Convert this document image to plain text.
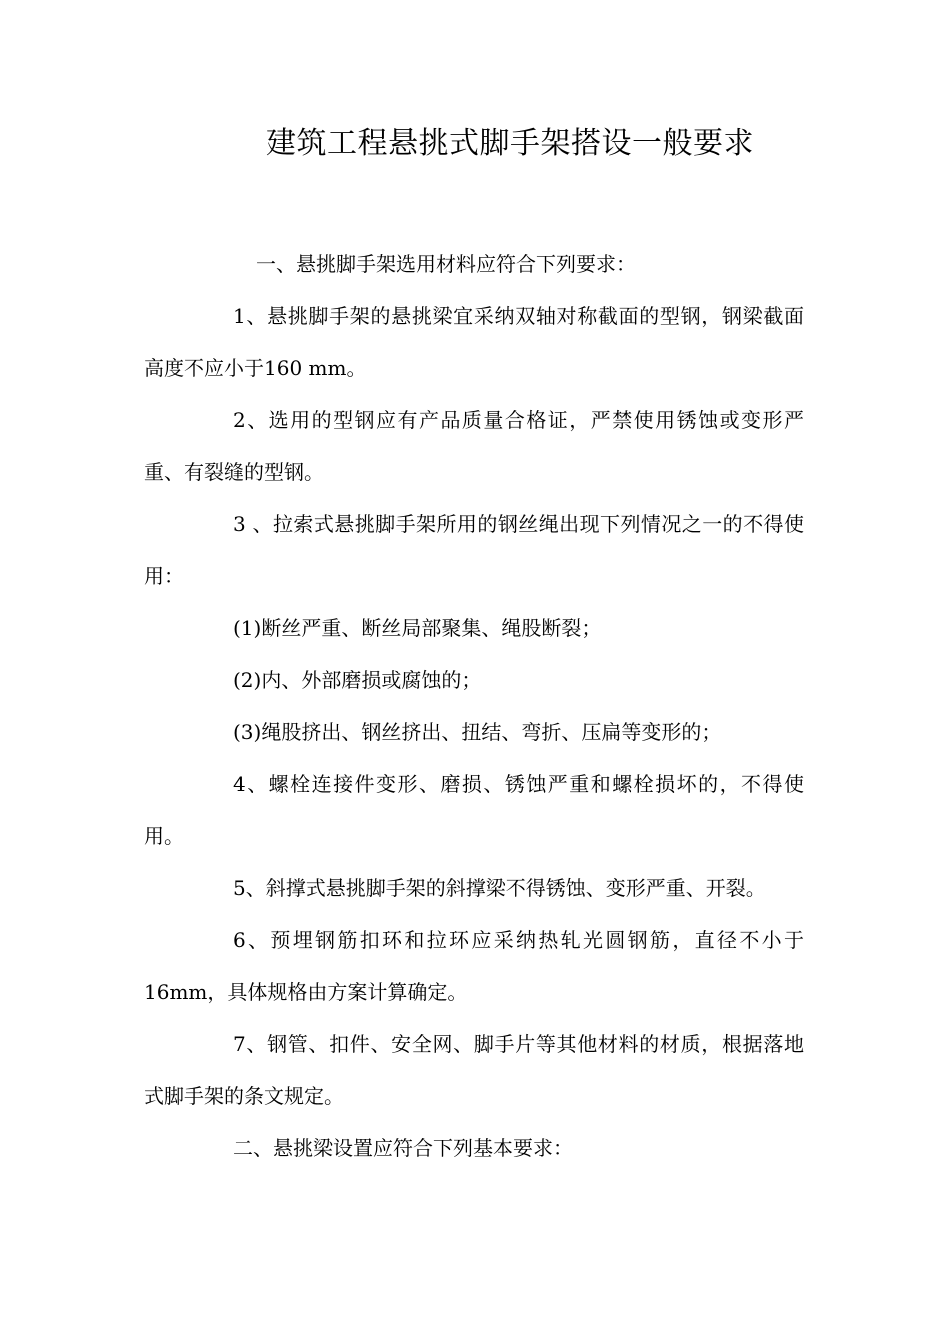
建筑工程悬挑式脚手架搭设一般要求

一、悬挑脚手架选用材料应符合下列要求：

1、悬挑脚手架的悬挑梁宜采纳双轴对称截面的型钢，钢梁截面高度不应小于160 mm。

2、选用的型钢应有产品质量合格证，严禁使用锈蚀或变形严重、有裂缝的型钢。

3 、拉索式悬挑脚手架所用的钢丝绳出现下列情况之一的不得使用：

(1)断丝严重、断丝局部聚集、绳股断裂；

(2)内、外部磨损或腐蚀的；

(3)绳股挤出、钢丝挤出、扭结、弯折、压扁等变形的；

4、螺栓连接件变形、磨损、锈蚀严重和螺栓损坏的，不得使用。

5、斜撑式悬挑脚手架的斜撑梁不得锈蚀、变形严重、开裂。

6、预埋钢筋扣环和拉环应采纳热轧光圆钢筋，直径不小于16mm，具体规格由方案计算确定。

7、钢管、扣件、安全网、脚手片等其他材料的材质，根据落地式脚手架的条文规定。

二、悬挑梁设置应符合下列基本要求：
